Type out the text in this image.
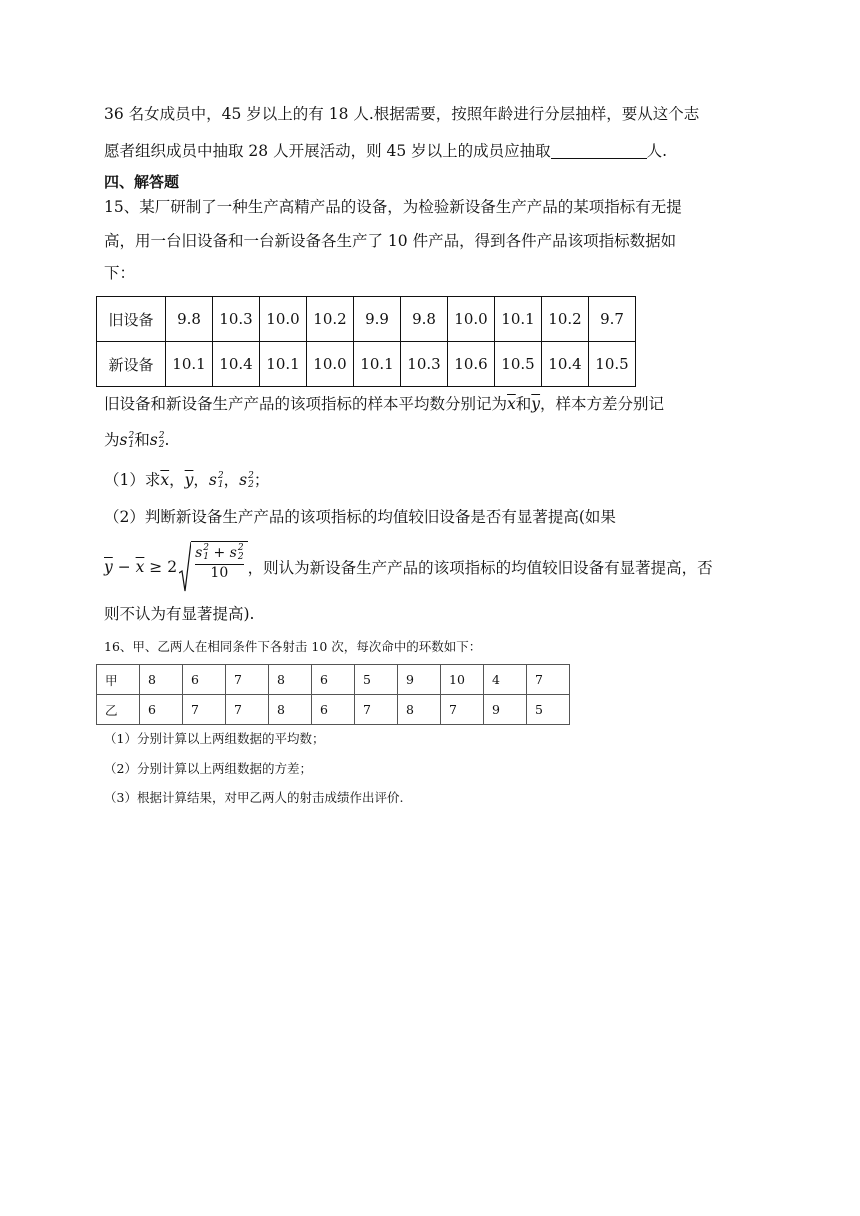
36 名女成员中，45 岁以上的有 18 人.根据需要，按照年龄进行分层抽样，要从这个志
愿者组织成员中抽取 28 人开展活动，则 45 岁以上的成员应抽取	人.
四、解答题
15、某厂研制了一种生产高精产品的设备，为检验新设备生产产品的某项指标有无提
高，用一台旧设备和一台新设备各生产了 10 件产品，得到各件产品该项指标数据如
下：
旧设备	9.8	10.3	10.0	10.2	9.9	9.8	10.0	10.1	10.2	9.7
新设备	10.1	10.4	10.1	10.0	10.1	10.3	10.6	10.5	10.4	10.5
旧设备和新设备生产产品的该项指标的样本平均数分别记为$\overline{x}$和$\overline{y}$，样本方差分别记
为s 2
1 和s 2
2 .
（1）求$\overline{x}$，$\overline{y}$，s 2
1 ，s 2
2 ；
（2）判断新设备生产产品的该项指标的均值较旧设备是否有显著提高(如果
$\overline{y} - \overline{x}$
≥ 2 s 2
1 + s 2
2
10 ，则认为新设备生产产品的该项指标的均值较旧设备有显著提高，否
则不认为有显著提高).
16、甲、乙两人在相同条件下各射击 10 次，每次命中的环数如下：
甲	8	6	7	8	6	5	9	10	4	7
乙	6	7	7	8	6	7	8	7	9	5
（1）分别计算以上两组数据的平均数；
（2）分别计算以上两组数据的方差；
（3）根据计算结果，对甲乙两人的射击成绩作出评价.
